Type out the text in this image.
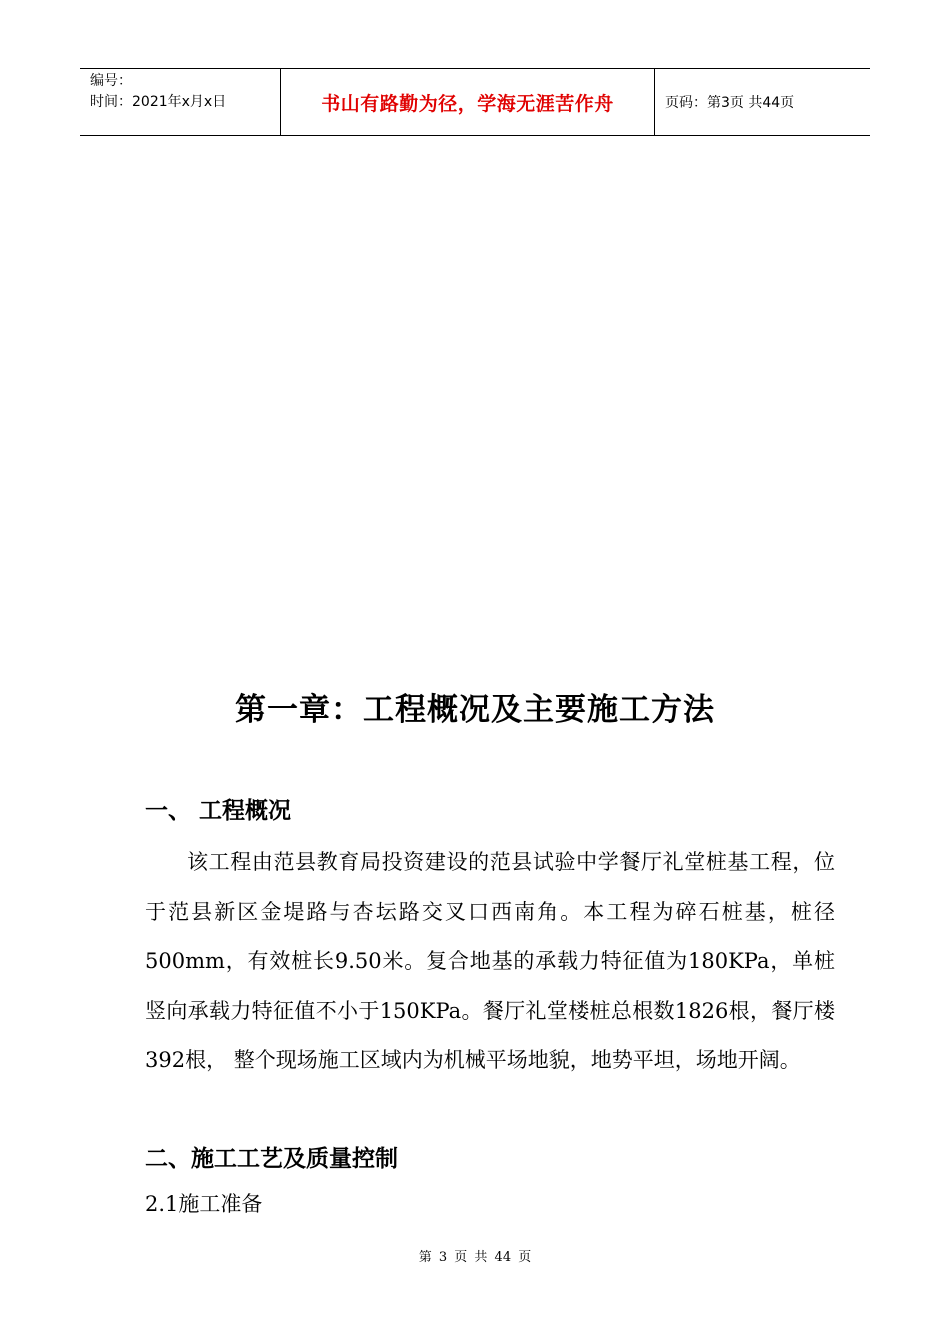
编号：
时间：2021年x月x日	书山有路勤为径，学海无涯苦作舟	页码：第3页 共44页
第一章：工程概况及主要施工方法
一、 工程概况
该工程由范县教育局投资建设的范县试验中学餐厅礼堂桩基工程，位于范县新区金堤路与杏坛路交叉口西南角。本工程为碎石桩基，桩径500mm，有效桩长9.50米。复合地基的承载力特征值为180KPa，单桩竖向承载力特征值不小于150KPa。餐厅礼堂楼桩总根数1826根，餐厅楼392根， 整个现场施工区域内为机械平场地貌，地势平坦，场地开阔。
二、施工工艺及质量控制
2.1施工准备
第 3 页 共 44 页
